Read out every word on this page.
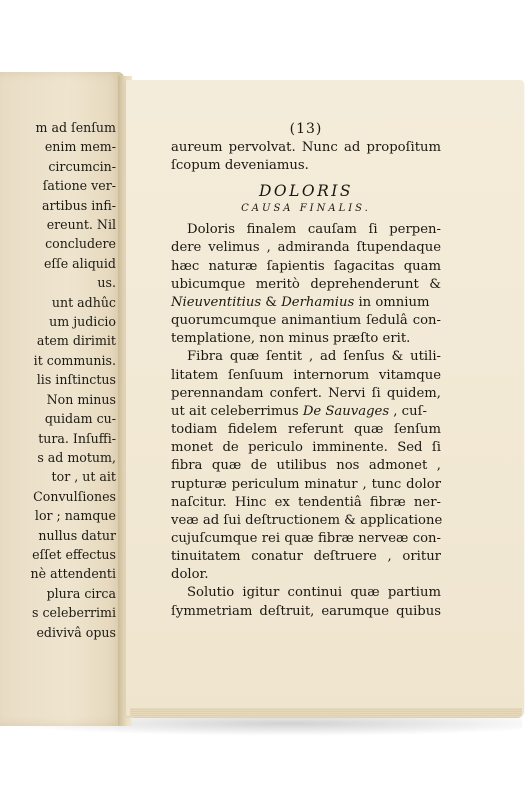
m ad ſenſum
enim mem-
circumcin-
ſatione ver-
artibus infi-
ereunt. Nil
concludere
eſſe aliquid
us.
unt adhûc
um judicio
atem dirimit
it communis.
lis inſtinctus
Non minus
quidam cu-
tura. Inſuffi-
s ad motum,
tor , ut ait
Convulſiones
lor ; namque
nullus datur
eſſet effectus
nè attendenti
plura circa
s celeberrimi
edivivâ opus
(13)
aureum pervolvat. Nunc ad propoſitum
ſcopum deveniamus.
DOLORIS
CAUSA FINALIS.
Doloris finalem cauſam ſi perpen-
dere velimus , admiranda ſtupendaque
hæc naturæ ſapientis ſagacitas quam
ubicumque meritò deprehenderunt &
Nieuventitius & Derhamius in omnium
quorumcumque animantium ſedulâ con-
templatione, non minus præſto erit.
Fibra quæ ſentit , ad ſenſus & utili-
litatem ſenſuum internorum vitamque
perennandam confert. Nervi ſi quidem,
ut ait celeberrimus De Sauvages , cuſ-
todiam fidelem referunt quæ ſenſum
monet de periculo imminente. Sed ſi
fibra quæ de utilibus nos admonet ,
rupturæ periculum minatur , tunc dolor
naſcitur. Hinc ex tendentiâ fibræ ner-
veæ ad ſui deſtructionem & applicatione
cujuſcumque rei quæ fibræ nerveæ con-
tinuitatem conatur deſtruere , oritur
dolor.
Solutio igitur continui quæ partium
ſymmetriam deſtruit, earumque quibus
